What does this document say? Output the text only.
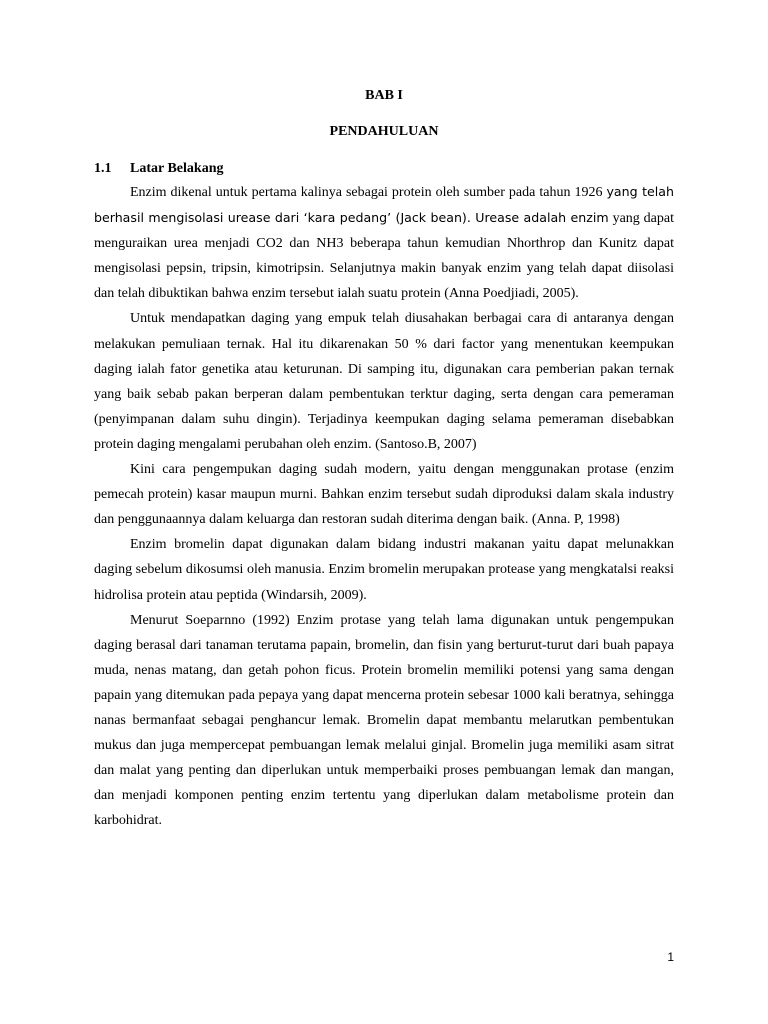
BAB I

PENDAHULUAN

1.1 Latar Belakang

Enzim dikenal untuk pertama kalinya sebagai protein oleh sumber pada tahun 1926 yang telah berhasil mengisolasi urease dari ‘kara pedang’ (Jack bean). Urease adalah enzim yang dapat menguraikan urea menjadi CO2 dan NH3 beberapa tahun kemudian Nhorthrop dan Kunitz dapat mengisolasi pepsin, tripsin, kimotripsin. Selanjutnya makin banyak enzim yang telah dapat diisolasi dan telah dibuktikan bahwa enzim tersebut ialah suatu protein (Anna Poedjiadi, 2005).

Untuk mendapatkan daging yang empuk telah diusahakan berbagai cara di antaranya dengan melakukan pemuliaan ternak. Hal itu dikarenakan 50 % dari factor yang menentukan keempukan daging ialah fator genetika atau keturunan. Di samping itu, digunakan cara pemberian pakan ternak yang baik sebab pakan berperan dalam pembentukan terktur daging, serta dengan cara pemeraman (penyimpanan dalam suhu dingin). Terjadinya keempukan daging selama pemeraman disebabkan protein daging mengalami perubahan oleh enzim. (Santoso.B, 2007)

Kini cara pengempukan daging sudah modern, yaitu dengan menggunakan protase (enzim pemecah protein) kasar maupun murni. Bahkan enzim tersebut sudah diproduksi dalam skala industry dan penggunaannya dalam keluarga dan restoran sudah diterima dengan baik. (Anna. P, 1998)

Enzim bromelin dapat digunakan dalam bidang industri makanan yaitu dapat melunakkan daging sebelum dikosumsi oleh manusia. Enzim bromelin merupakan protease yang mengkatalsi reaksi hidrolisa protein atau peptida (Windarsih, 2009).

Menurut Soeparnno (1992) Enzim protase yang telah lama digunakan untuk pengempukan daging berasal dari tanaman terutama papain, bromelin, dan fisin yang berturut-turut dari buah papaya muda, nenas matang, dan getah pohon ficus. Protein bromelin memiliki potensi yang sama dengan papain yang ditemukan pada pepaya yang dapat mencerna protein sebesar 1000 kali beratnya, sehingga nanas bermanfaat sebagai penghancur lemak. Bromelin dapat membantu melarutkan pembentukan mukus dan juga mempercepat pembuangan lemak melalui ginjal. Bromelin juga memiliki asam sitrat dan malat yang penting dan diperlukan untuk memperbaiki proses pembuangan lemak dan mangan, dan menjadi komponen penting enzim tertentu yang diperlukan dalam metabolisme protein dan karbohidrat.

1
